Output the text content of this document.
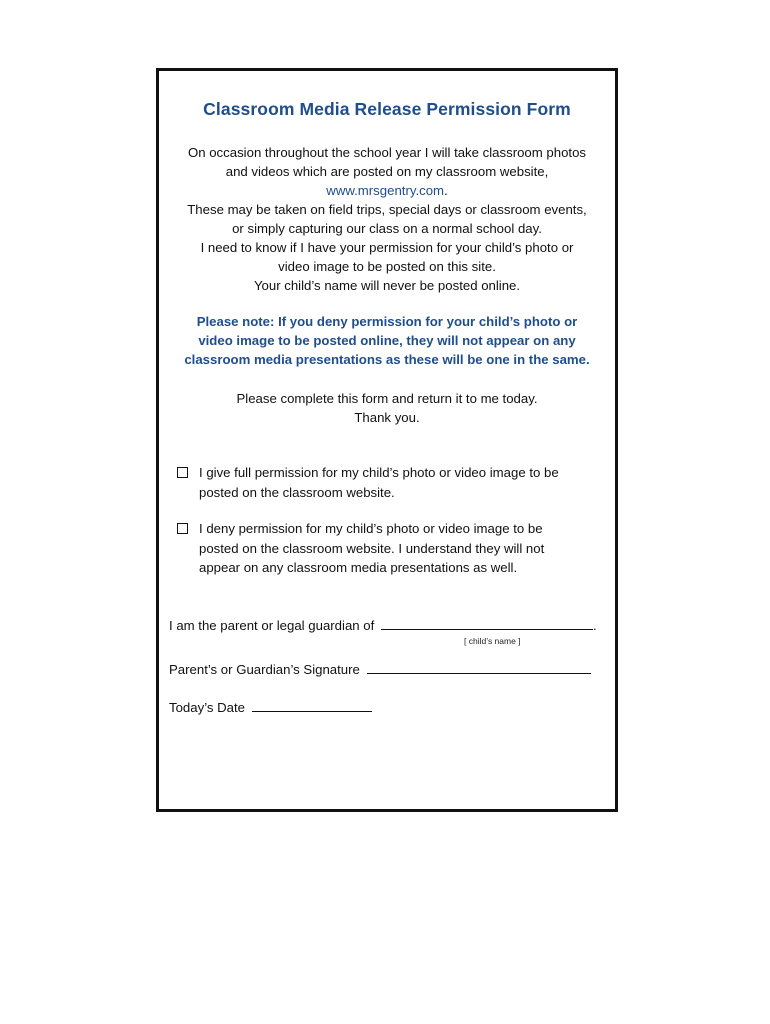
Classroom Media Release Permission Form
On occasion throughout the school year I will take classroom photos
and videos which are posted on my classroom website,
www.mrsgentry.com.
These may be taken on field trips, special days or classroom events,
or simply capturing our class on a normal school day.
I need to know if I have your permission for your child’s photo or
video image to be posted on this site.
Your child’s name will never be posted online.
Please note: If you deny permission for your child’s photo or
video image to be posted online, they will not appear on any
classroom media presentations as these will be one in the same.
Please complete this form and return it to me today.
Thank you.
I give full permission for my child’s photo or video image to be
posted on the classroom website.
I deny permission for my child’s photo or video image to be
posted on the classroom website. I understand they will not
appear on any classroom media presentations as well.
I am the parent or legal guardian of	.
[ child’s name ]
Parent’s or Guardian’s Signature
Today’s Date
